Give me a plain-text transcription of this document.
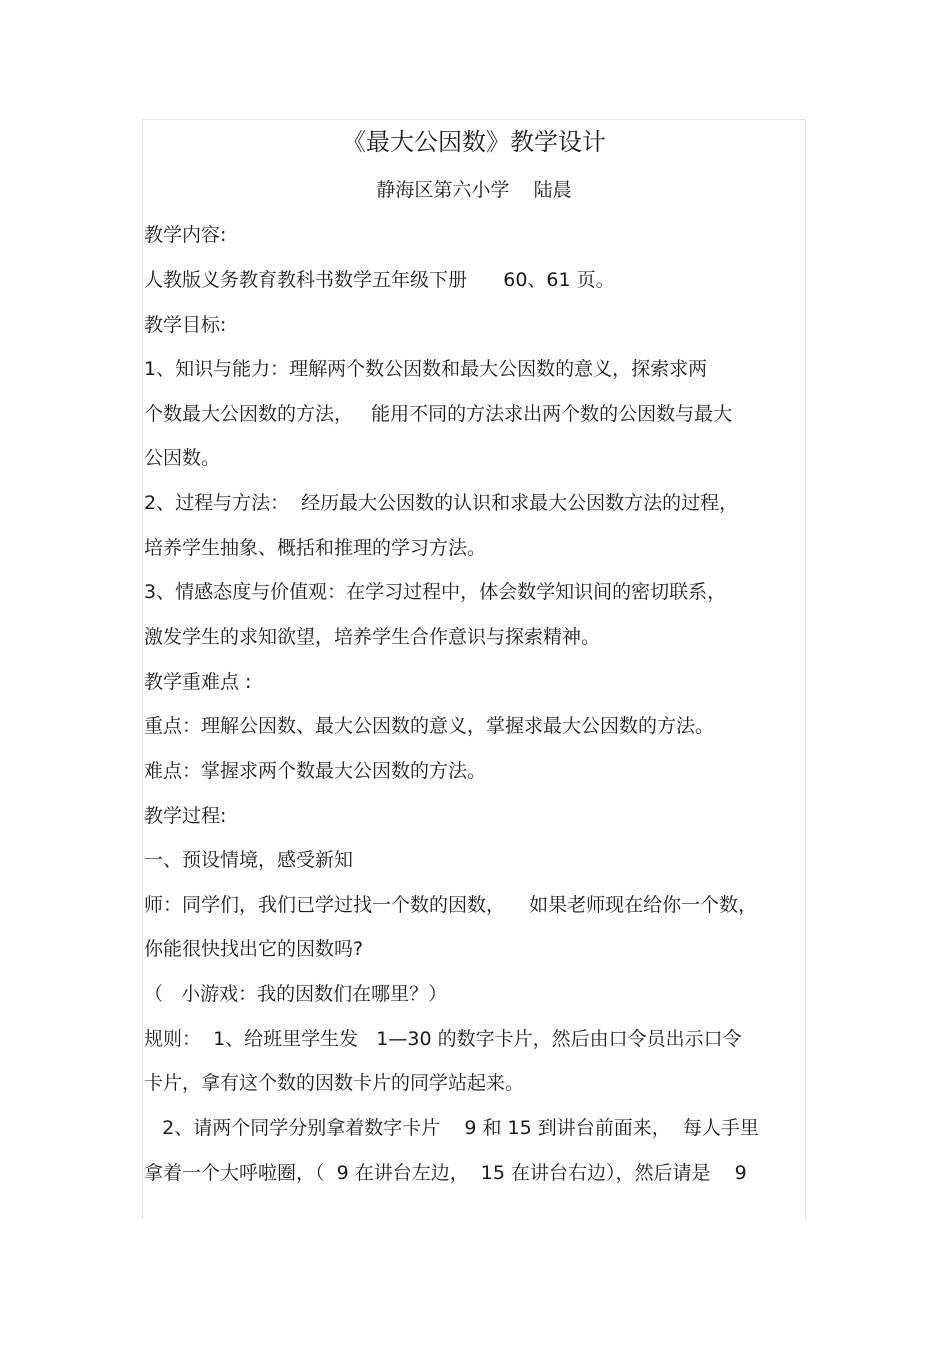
《最大公因数》教学设计
静海区第六小学    陆晨
教学内容:
人教版义务教育教科书数学五年级下册      60、61 页。
教学目标:
1、知识与能力：理解两个数公因数和最大公因数的意义，探索求两
个数最大公因数的方法，   能用不同的方法求出两个数的公因数与最大
公因数。
2、过程与方法：  经历最大公因数的认识和求最大公因数方法的过程，
培养学生抽象、概括和推理的学习方法。
3、情感态度与价值观：在学习过程中，体会数学知识间的密切联系，
激发学生的求知欲望，培养学生合作意识与探索精神。
教学重难点 :
重点：理解公因数、最大公因数的意义，掌握求最大公因数的方法。
难点：掌握求两个数最大公因数的方法。
教学过程:
一、预设情境，感受新知
师：同学们，我们已学过找一个数的因数，    如果老师现在给你一个数，
你能很快找出它的因数吗?
（   小游戏：我的因数们在哪里？）
规则：  1、给班里学生发   1—30 的数字卡片，然后由口令员出示口令
卡片，拿有这个数的因数卡片的同学站起来。
2、请两个同学分别拿着数字卡片    9 和 15 到讲台前面来，  每人手里
拿着一个大呼啦圈，（  9 在讲台左边，  15 在讲台右边），然后请是    9
